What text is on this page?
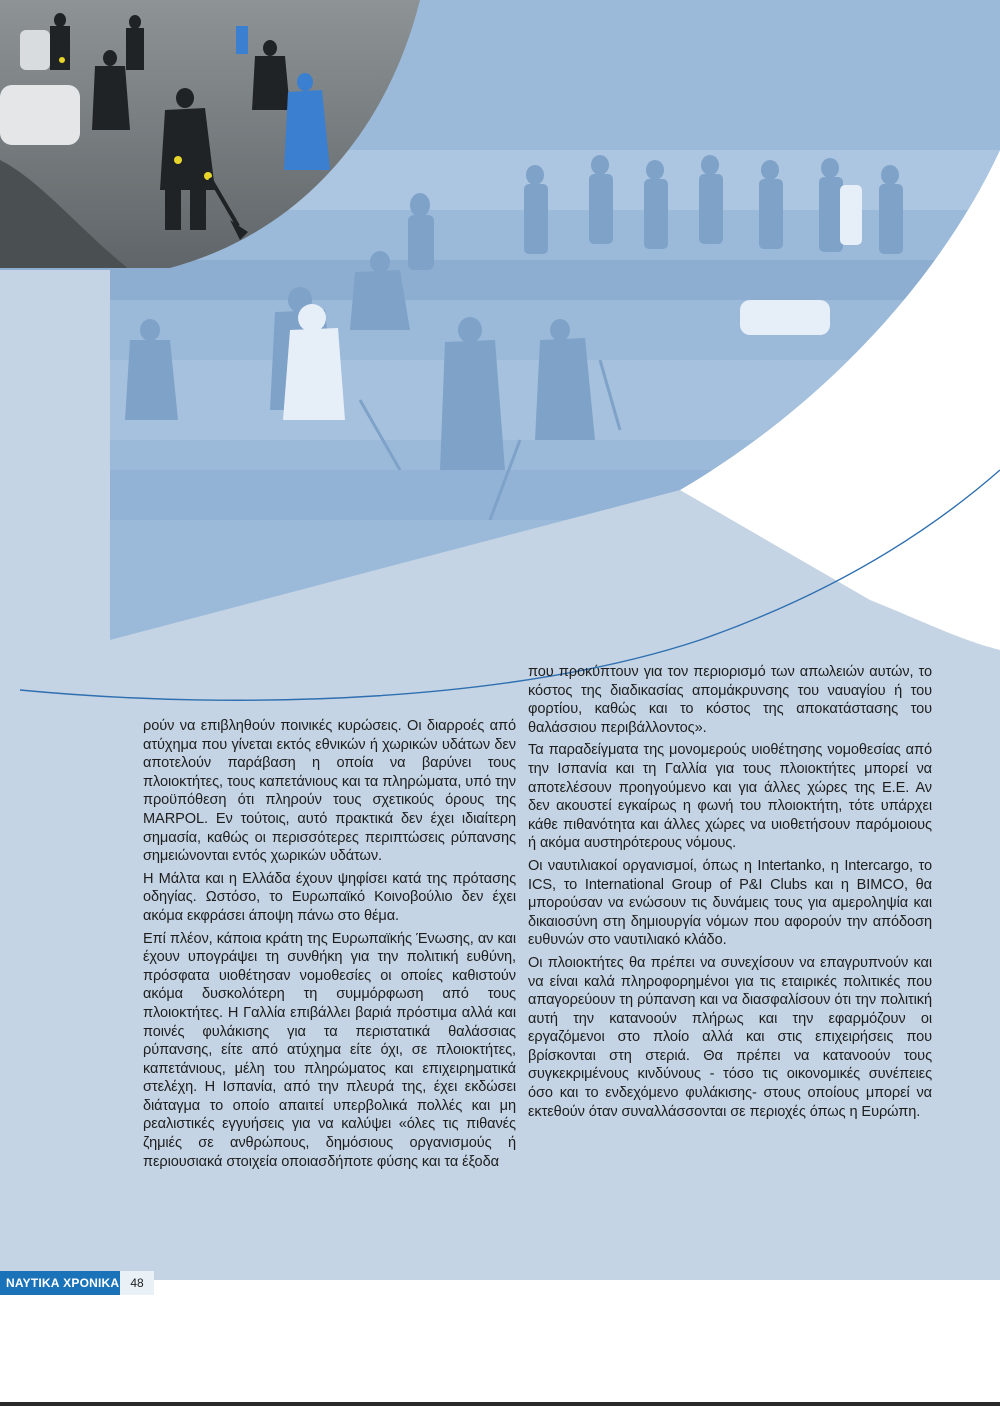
ρούν να επιβληθούν ποινικές κυρώσεις. Οι διαρροές από ατύχημα που γίνεται εκτός εθνικών ή χωρικών υδάτων δεν αποτελούν παράβαση η οποία να βαρύνει τους πλοιοκτήτες, τους καπετάνιους και τα πληρώματα, υπό την προϋπόθεση ότι πληρούν τους σχετικούς όρους της MARPOL. Εν τούτοις, αυτό πρακτικά δεν έχει ιδιαίτερη σημασία, καθώς οι περισσότερες περιπτώσεις ρύπανσης σημειώνονται εντός χωρικών υδάτων.

Η Μάλτα και η Ελλάδα έχουν ψηφίσει κατά της πρότασης οδηγίας. Ωστόσο, το Ευρωπαϊκό Κοινοβούλιο δεν έχει ακόμα εκφράσει άποψη πάνω στο θέμα.

Επί πλέον, κάποια κράτη της Ευρωπαϊκής Ένωσης, αν και έχουν υπογράψει τη συνθήκη για την πολιτική ευθύνη, πρόσφατα υιοθέτησαν νομοθεσίες οι οποίες καθιστούν ακόμα δυσκολότερη τη συμμόρφωση από τους πλοιοκτήτες. Η Γαλλία επιβάλλει βαριά πρόστιμα αλλά και ποινές φυλάκισης για τα περιστατικά θαλάσσιας ρύπανσης, είτε από ατύχημα είτε όχι, σε πλοιοκτήτες, καπετάνιους, μέλη του πληρώματος και επιχειρηματικά στελέχη. Η Ισπανία, από την πλευρά της, έχει εκδώσει διάταγμα το οποίο απαιτεί υπερβολικά πολλές και μη ρεαλιστικές εγγυήσεις για να καλύψει «όλες τις πιθανές ζημιές σε ανθρώπους, δημόσιους οργανισμούς ή περιουσιακά στοιχεία οποιασδήποτε φύσης και τα έξοδα

που προκύπτουν για τον περιορισμό των απωλειών αυτών, το κόστος της διαδικασίας απομάκρυνσης του ναυαγίου ή του φορτίου, καθώς και το κόστος της αποκατάστασης του θαλάσσιου περιβάλλοντος».

Τα παραδείγματα της μονομερούς υιοθέτησης νομοθεσίας από την Ισπανία και τη Γαλλία για τους πλοιοκτήτες μπορεί να αποτελέσουν προηγούμενο και για άλλες χώρες της Ε.Ε. Αν δεν ακουστεί εγκαίρως η φωνή του πλοιοκτήτη, τότε υπάρχει κάθε πιθανότητα και άλλες χώρες να υιοθετήσουν παρόμοιους ή ακόμα αυστηρότερους νόμους.

Οι ναυτιλιακοί οργανισμοί, όπως η Intertanko, η Intercargo, το ICS, το International Group of P&I Clubs και η BIMCO, θα μπορούσαν να ενώσουν τις δυνάμεις τους για αμεροληψία και δικαιοσύνη στη δημιουργία νόμων που αφορούν την απόδοση ευθυνών στο ναυτιλιακό κλάδο.

Οι πλοιοκτήτες θα πρέπει να συνεχίσουν να επαγρυπνούν και να είναι καλά πληροφορημένοι για τις εταιρικές πολιτικές που απαγορεύουν τη ρύπανση και να διασφαλίσουν ότι την πολιτική αυτή την κατανοούν πλήρως και την εφαρμόζουν οι εργαζόμενοι στο πλοίο αλλά και στις επιχειρήσεις που βρίσκονται στη στεριά. Θα πρέπει να κατανοούν τους συγκεκριμένους κινδύνους - τόσο τις οικονομικές συνέπειες όσο και το ενδεχόμενο φυλάκισης- στους οποίους μπορεί να εκτεθούν όταν συναλλάσσονται σε περιοχές όπως η Ευρώπη.

ΝΑΥΤΙΚΑ ΧΡΟΝΙΚΑ 48
